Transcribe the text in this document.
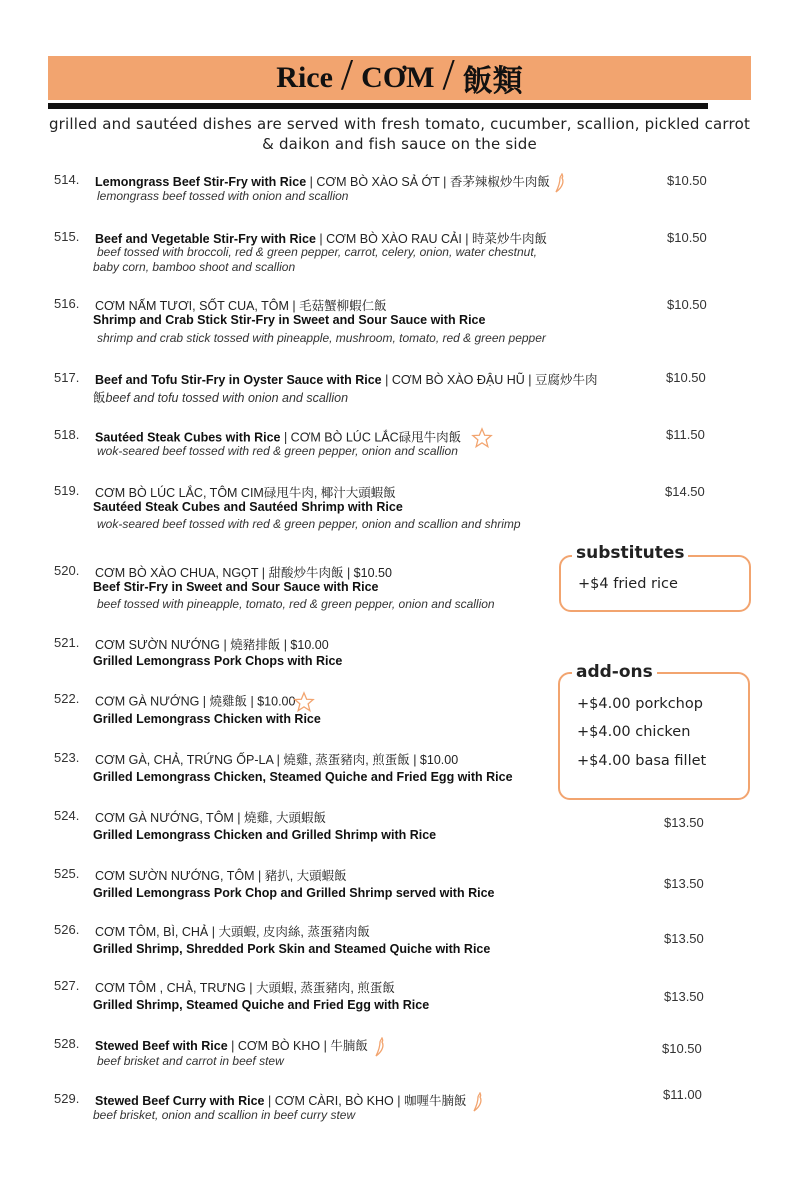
Rice / CƠM / 飯類
grilled and sautéed dishes are served with fresh tomato, cucumber, scallion, pickled carrot
& daikon and fish sauce on the side
514. Lemongrass Beef Stir-Fry with Rice | CƠM BÒ XÀO SẢ ỚT | 香茅辣椒炒牛肉飯
lemongrass beef tossed with onion and scallion
$10.50
515. Beef and Vegetable Stir-Fry with Rice | CƠM BÒ XÀO RAU CẢI | 時菜炒牛肉飯
beef tossed with broccoli, red & green pepper, carrot, celery, onion, water chestnut,
baby corn, bamboo shoot and scallion
$10.50
516. CƠM NẤM TƯƠI, SỐT CUA, TÔM | 毛菇蟹柳蝦仁飯
Shrimp and Crab Stick Stir-Fry in Sweet and Sour Sauce with Rice
shrimp and crab stick tossed with pineapple, mushroom, tomato, red & green pepper
$10.50
517. Beef and Tofu Stir-Fry in Oyster Sauce with Rice | CƠM BÒ XÀO ĐẬU HŨ | 豆腐炒牛肉
飯beef and tofu tossed with onion and scallion
$10.50
518. Sautéed Steak Cubes with Rice | CƠM BÒ LÚC LẮC碌甩牛肉飯
wok-seared beef tossed with red & green pepper, onion and scallion
$11.50
519. CƠM BÒ LÚC LẮC, TÔM CIM碌甩牛肉, 椰汁大頭蝦飯
Sautéed Steak Cubes and Sautéed Shrimp with Rice
wok-seared beef tossed with red & green pepper, onion and scallion and shrimp
$14.50
520. CƠM BÒ XÀO CHUA, NGỌT | 甜酸炒牛肉飯 | $10.50
Beef Stir-Fry in Sweet and Sour Sauce with Rice
beef tossed with pineapple, tomato, red & green pepper, onion and scallion
521. CƠM SƯỜN NƯỚNG | 燒豬排飯 | $10.00
Grilled Lemongrass Pork Chops with Rice
522. CƠM GÀ NƯỚNG | 燒雞飯 | $10.00
Grilled Lemongrass Chicken with Rice
523. CƠM GÀ, CHẢ, TRỨNG ỐP-LA | 燒雞, 蒸蛋豬肉, 煎蛋飯 | $10.00
Grilled Lemongrass Chicken, Steamed Quiche and Fried Egg with Rice
524. CƠM GÀ NƯỚNG, TÔM | 燒雞, 大頭蝦飯
Grilled Lemongrass Chicken and Grilled Shrimp with Rice
$13.50
525. CƠM SƯỜN NƯỚNG, TÔM | 豬扒, 大頭蝦飯
Grilled Lemongrass Pork Chop and Grilled Shrimp served with Rice
$13.50
526. CƠM TÔM, BÌ, CHẢ | 大頭蝦, 皮肉絲, 蒸蛋豬肉飯
Grilled Shrimp, Shredded Pork Skin and Steamed Quiche with Rice
$13.50
527. CƠM TÔM , CHẢ, TRƯNG | 大頭蝦, 蒸蛋豬肉, 煎蛋飯
Grilled Shrimp, Steamed Quiche and Fried Egg with Rice
$13.50
528. Stewed Beef with Rice | CƠM BÒ KHO | 牛腩飯
beef brisket and carrot in beef stew
$10.50
529. Stewed Beef Curry with Rice | CƠM CÀRI, BÒ KHO | 咖喱牛腩飯
beef brisket, onion and scallion in beef curry stew
$11.00
substitutes
+$4 fried rice
add-ons
+$4.00 porkchop
+$4.00 chicken
+$4.00 basa fillet
